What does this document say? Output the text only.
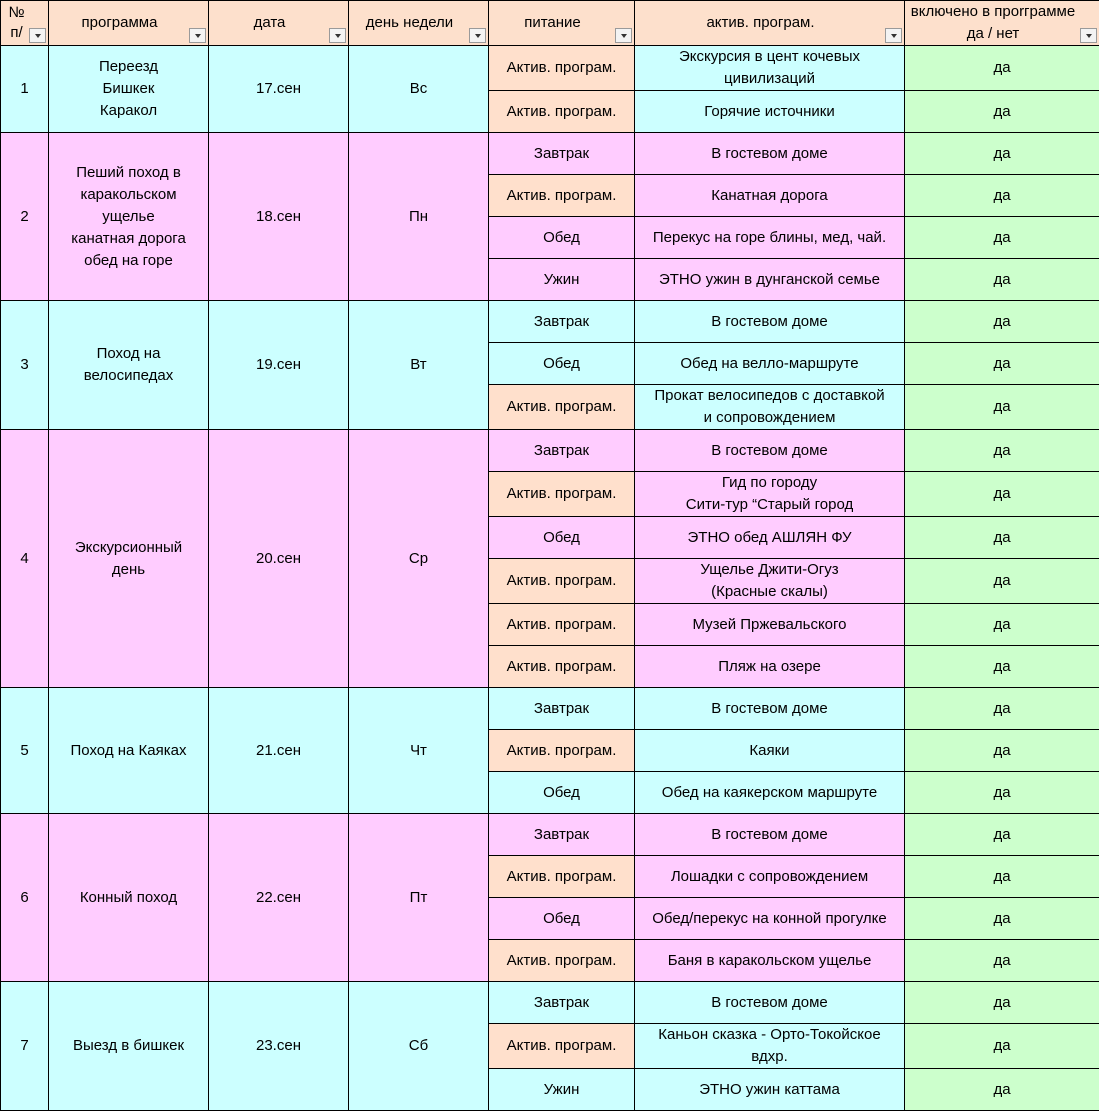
№ п/	программа	дата	день недели	питание	актив. програм.	включено в проrграмме да / нет

1	Переезд
Бишкек
Каракол	17.сен	Вс	Актив. програм.	Экскурсия в цент кочевых
цивилизаций	да
				Актив. програм.	Горячие источники	да
2	Пеший поход в
каракольском
ущелье
канатная дорога
обед на горе	18.сен	Пн	Завтрак	В гостевом доме	да
				Актив. програм.	Канатная дорога	да
				Обед	Перекус на горе блины, мед, чай.	да
				Ужин	ЭТНО ужин в дунганской семье	да
3	Поход на
велосипедах	19.сен	Вт	Завтрак	В гостевом доме	да
				Обед	Обед на велло-маршруте	да
				Актив. програм.	Прокат велосипедов с доставкой
и сопровождением	да
4	Экскурсионный
день	20.сен	Ср	Завтрак	В гостевом доме	да
				Актив. програм.	Гид по городу
Сити-тур “Старый город	да
				Обед	ЭТНО обед АШЛЯН ФУ	да
				Актив. програм.	Ущелье Джити-Огуз
(Красные скалы)	да
				Актив. програм.	Музей Пржевальского	да
				Актив. програм.	Пляж на озере	да
5	Поход на Каяках	21.сен	Чт	Завтрак	В гостевом доме	да
				Актив. програм.	Каяки	да
				Обед	Обед на каякерском маршруте	да
6	Конный поход	22.сен	Пт	Завтрак	В гостевом доме	да
				Актив. програм.	Лошадки с сопровождением	да
				Обед	Обед/перекус на конной прогулке	да
				Актив. програм.	Баня в каракольском ущелье	да
7	Выезд в бишкек	23.сен	Сб	Завтрак	В гостевом доме	да
				Актив. програм.	Каньон сказка - Орто-Токойское
вдхр.	да
				Ужин	ЭТНО ужин каттама	да
